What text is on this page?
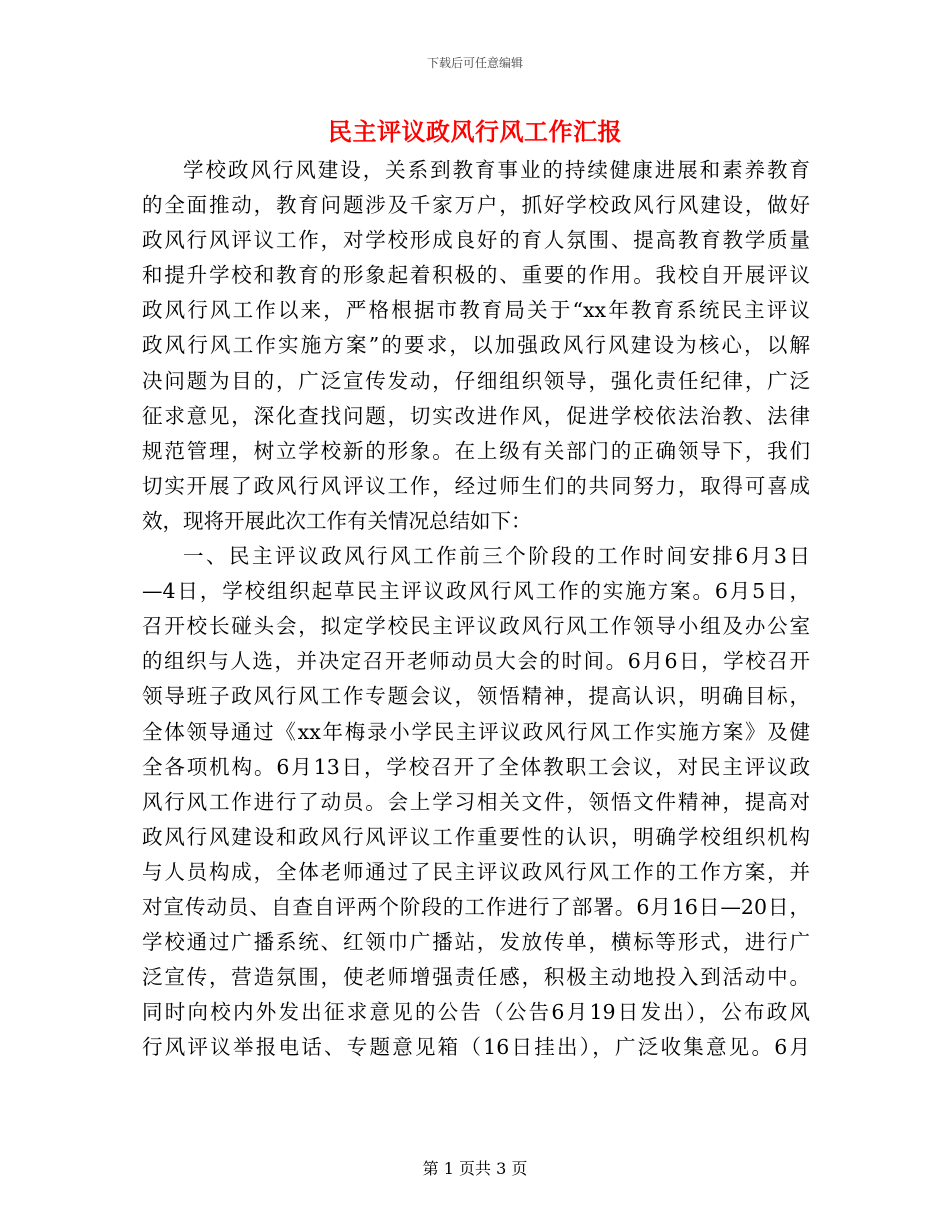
下载后可任意编辑
民主评议政风行风工作汇报
学校政风行风建设，关系到教育事业的持续健康进展和素养教育
的全面推动，教育问题涉及千家万户，抓好学校政风行风建设，做好
政风行风评议工作，对学校形成良好的育人氛围、提高教育教学质量
和提升学校和教育的形象起着积极的、重要的作用。我校自开展评议
政风行风工作以来，严格根据市教育局关于“xx年教育系统民主评议
政风行风工作实施方案”的要求，以加强政风行风建设为核心，以解
决问题为目的，广泛宣传发动，仔细组织领导，强化责任纪律，广泛
征求意见，深化查找问题，切实改进作风，促进学校依法治教、法律
规范管理，树立学校新的形象。在上级有关部门的正确领导下，我们
切实开展了政风行风评议工作，经过师生们的共同努力，取得可喜成
效，现将开展此次工作有关情况总结如下：
一、民主评议政风行风工作前三个阶段的工作时间安排6月3日
—4日，学校组织起草民主评议政风行风工作的实施方案。6月5日，
召开校长碰头会，拟定学校民主评议政风行风工作领导小组及办公室
的组织与人选，并决定召开老师动员大会的时间。6月6日，学校召开
领导班子政风行风工作专题会议，领悟精神，提高认识，明确目标，
全体领导通过《xx年梅录小学民主评议政风行风工作实施方案》及健
全各项机构。6月13日，学校召开了全体教职工会议，对民主评议政
风行风工作进行了动员。会上学习相关文件，领悟文件精神，提高对
政风行风建设和政风行风评议工作重要性的认识，明确学校组织机构
与人员构成，全体老师通过了民主评议政风行风工作的工作方案，并
对宣传动员、自查自评两个阶段的工作进行了部署。6月16日—20日，
学校通过广播系统、红领巾广播站，发放传单，横标等形式，进行广
泛宣传，营造氛围，使老师增强责任感，积极主动地投入到活动中。
同时向校内外发出征求意见的公告（公告6月19日发出），公布政风
行风评议举报电话、专题意见箱（16日挂出），广泛收集意见。6月
第 1 页共 3 页
